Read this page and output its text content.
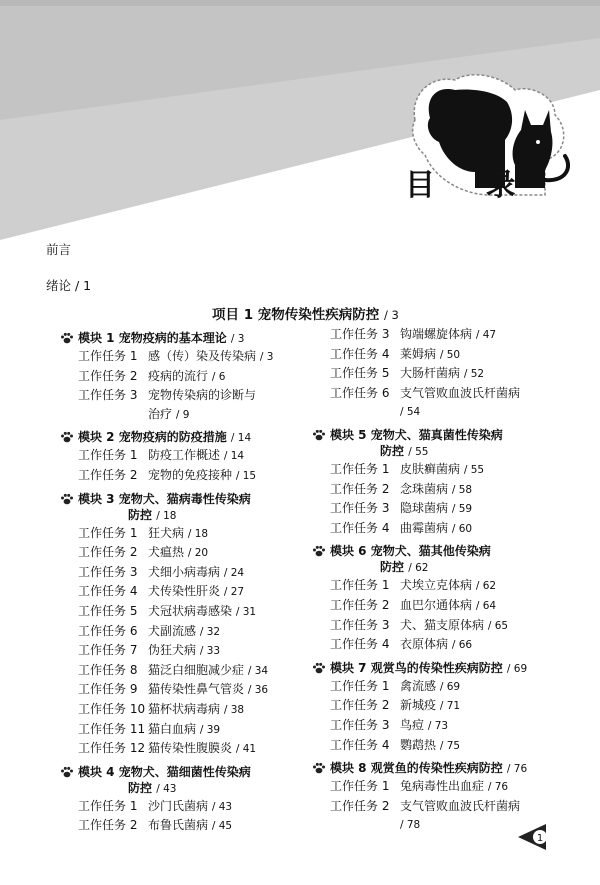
目 录
前言
绪论 / 1
项目 1 宠物传染性疾病防控 / 3
模块 1 宠物疫病的基本理论 / 3
工作任务 1 感（传）染及传染病 / 3
工作任务 2 疫病的流行 / 6
工作任务 3 宠物传染病的诊断与
治疗 / 9
模块 2 宠物疫病的防疫措施 / 14
工作任务 1 防疫工作概述 / 14
工作任务 2 宠物的免疫接种 / 15
模块 3 宠物犬、猫病毒性传染病
防控 / 18
工作任务 1 狂犬病 / 18
工作任务 2 犬瘟热 / 20
工作任务 3 犬细小病毒病 / 24
工作任务 4 犬传染性肝炎 / 27
工作任务 5 犬冠状病毒感染 / 31
工作任务 6 犬副流感 / 32
工作任务 7 伪狂犬病 / 33
工作任务 8 猫泛白细胞减少症 / 34
工作任务 9 猫传染性鼻气管炎 / 36
工作任务 10 猫杯状病毒病 / 38
工作任务 11 猫白血病 / 39
工作任务 12 猫传染性腹膜炎 / 41
模块 4 宠物犬、猫细菌性传染病
防控 / 43
工作任务 1 沙门氏菌病 / 43
工作任务 2 布鲁氏菌病 / 45
工作任务 3 钩端螺旋体病 / 47
工作任务 4 莱姆病 / 50
工作任务 5 大肠杆菌病 / 52
工作任务 6 支气管败血波氏杆菌病
/ 54
模块 5 宠物犬、猫真菌性传染病
防控 / 55
工作任务 1 皮肤癣菌病 / 55
工作任务 2 念珠菌病 / 58
工作任务 3 隐球菌病 / 59
工作任务 4 曲霉菌病 / 60
模块 6 宠物犬、猫其他传染病
防控 / 62
工作任务 1 犬埃立克体病 / 62
工作任务 2 血巴尔通体病 / 64
工作任务 3 犬、猫支原体病 / 65
工作任务 4 衣原体病 / 66
模块 7 观赏鸟的传染性疾病防控 / 69
工作任务 1 禽流感 / 69
工作任务 2 新城疫 / 71
工作任务 3 鸟痘 / 73
工作任务 4 鹦鹉热 / 75
模块 8 观赏鱼的传染性疾病防控 / 76
工作任务 1 兔病毒性出血症 / 76
工作任务 2 支气管败血波氏杆菌病
/ 78
1
